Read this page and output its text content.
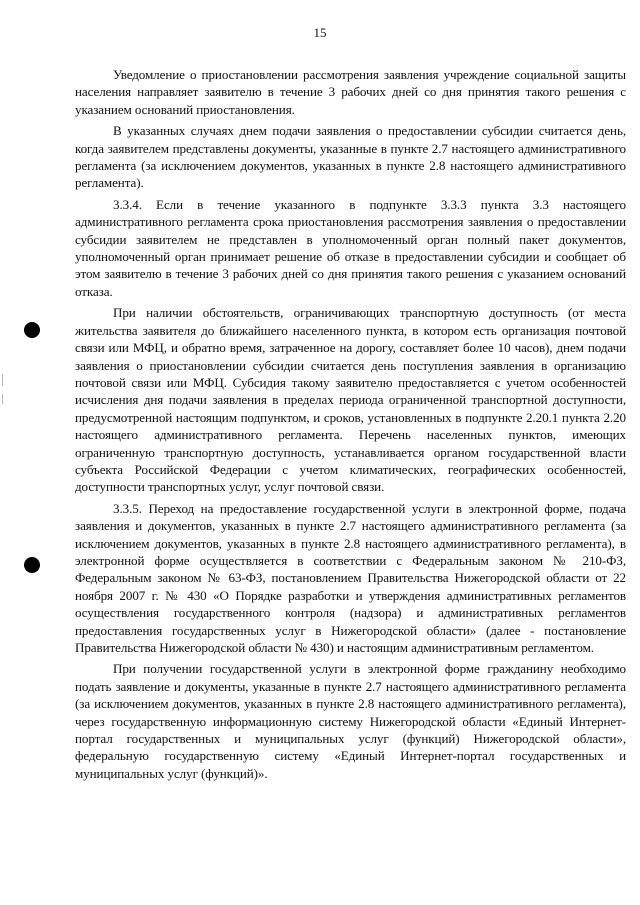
15

Уведомление о приостановлении рассмотрения заявления учреждение социальной защиты населения направляет заявителю в течение 3 рабочих дней со дня принятия такого решения с указанием оснований приостановления.

В указанных случаях днем подачи заявления о предоставлении субсидии считается день, когда заявителем представлены документы, указанные в пункте 2.7 настоящего административного регламента (за исключением документов, указанных в пункте 2.8 настоящего административного регламента).

3.3.4. Если в течение указанного в подпункте 3.3.3 пункта 3.3 настоящего административного регламента срока приостановления рассмотрения заявления о предоставлении субсидии заявителем не представлен в уполномоченный орган полный пакет документов, уполномоченный орган принимает решение об отказе в предоставлении субсидии и сообщает об этом заявителю в течение 3 рабочих дней со дня принятия такого решения с указанием оснований отказа.

При наличии обстоятельств, ограничивающих транспортную доступность (от места жительства заявителя до ближайшего населенного пункта, в котором есть организация почтовой связи или МФЦ, и обратно время, затраченное на дорогу, составляет более 10 часов), днем подачи заявления о приостановлении субсидии считается день поступления заявления в организацию почтовой связи или МФЦ. Субсидия такому заявителю предоставляется с учетом особенностей исчисления дня подачи заявления в пределах периода ограниченной транспортной доступности, предусмотренной настоящим подпунктом, и сроков, установленных в подпункте 2.20.1 пункта 2.20 настоящего административного регламента. Перечень населенных пунктов, имеющих ограниченную транспортную доступность, устанавливается органом государственной власти субъекта Российской Федерации с учетом климатических, географических особенностей, доступности транспортных услуг, услуг почтовой связи.

3.3.5. Переход на предоставление государственной услуги в электронной форме, подача заявления и документов, указанных в пункте 2.7 настоящего административного регламента (за исключением документов, указанных в пункте 2.8 настоящего административного регламента), в электронной форме осуществляется в соответствии с Федеральным законом № 210-ФЗ, Федеральным законом № 63-ФЗ, постановлением Правительства Нижегородской области от 22 ноября 2007 г. № 430 «О Порядке разработки и утверждения административных регламентов осуществления государственного контроля (надзора) и административных регламентов предоставления государственных услуг в Нижегородской области» (далее - постановление Правительства Нижегородской области № 430) и настоящим административным регламентом.

При получении государственной услуги в электронной форме гражданину необходимо подать заявление и документы, указанные в пункте 2.7 настоящего административного регламента (за исключением документов, указанных в пункте 2.8 настоящего административного регламента), через государственную информационную систему Нижегородской области «Единый Интернет-портал государственных и муниципальных услуг (функций) Нижегородской области», федеральную государственную систему «Единый Интернет-портал государственных и муниципальных услуг (функций)».
